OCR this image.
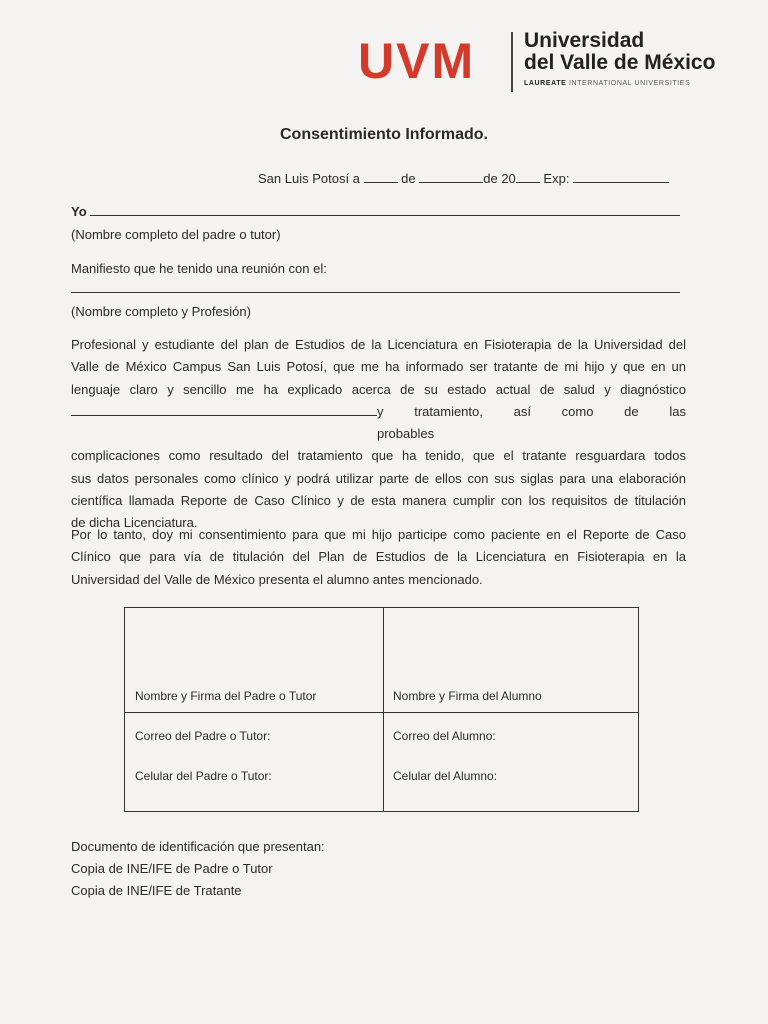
UVM Universidad
del Valle de México
LAUREATE INTERNATIONAL UNIVERSITIES
Consentimiento Informado.
San Luis Potosí a	de	de 20 Exp:
Yo
(Nombre completo del padre o tutor)
Manifiesto que he tenido una reunión con el:
(Nombre completo y Profesión)

Profesional y estudiante del plan de Estudios de la Licenciatura en Fisioterapia de la Universidad del

Valle de México Campus San Luis Potosí, que me ha informado ser tratante de mi hijo y que en un

lenguaje claro y sencillo me ha explicado acerca de su estado actual de salud y diagnóstico

y tratamiento, así como de las probables

complicaciones como resultado del tratamiento que ha tenido, que el tratante resguardara todos

sus datos personales como clínico y podrá utilizar parte de ellos con sus siglas para una elaboración

científica llamada Reporte de Caso Clínico y de esta manera cumplir con los requisitos de titulación

de dicha Licenciatura.

Por lo tanto, doy mi consentimiento para que mi hijo participe como paciente en el Reporte de Caso

Clínico que para vía de titulación del Plan de Estudios de la Licenciatura en Fisioterapia en la

Universidad del Valle de México presenta el alumno antes mencionado.

Nombre y Firma del Padre o Tutor	Nombre y Firma del Alumno
Correo del Padre o Tutor:	Correo del Alumno:
Celular del Padre o Tutor:	Celular del Alumno:
Documento de identificación que presentan:
Copia de INE/IFE de Padre o Tutor
Copia de INE/IFE de Tratante
